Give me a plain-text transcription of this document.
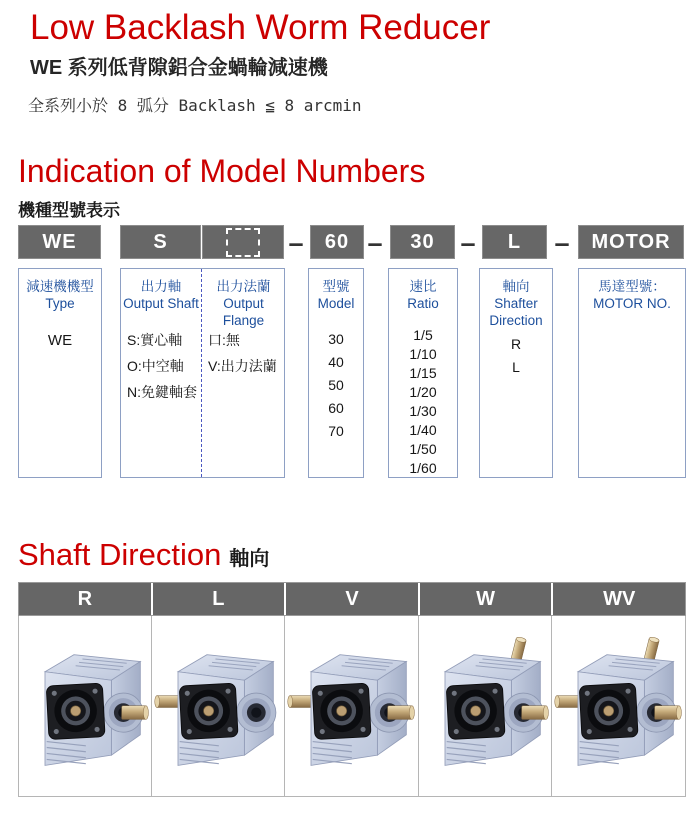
Low Backlash Worm Reducer
WE 系列低背隙鋁合金蝸輪減速機
全系列小於 8 弧分 Backlash ≦ 8 arcmin
Indication of Model Numbers
機種型號表示
WE	S	–	60 –	30 –	L	–	MOTOR
減速機機型
Type
WE
出力軸
Output Shaft
S:實心軸
O:中空軸
N:免鍵軸套
出力法蘭
Output
Flange
口:無
V:出力法蘭
型號
Model
30
40
50
60
70
速比
Ratio
1/5
1/10
1/15
1/20
1/30
1/40
1/50
1/60
軸向
Shafter
Direction
R
L
馬達型號：
MOTOR NO.
Shaft Direction 軸向
R	L	V	W	WV
